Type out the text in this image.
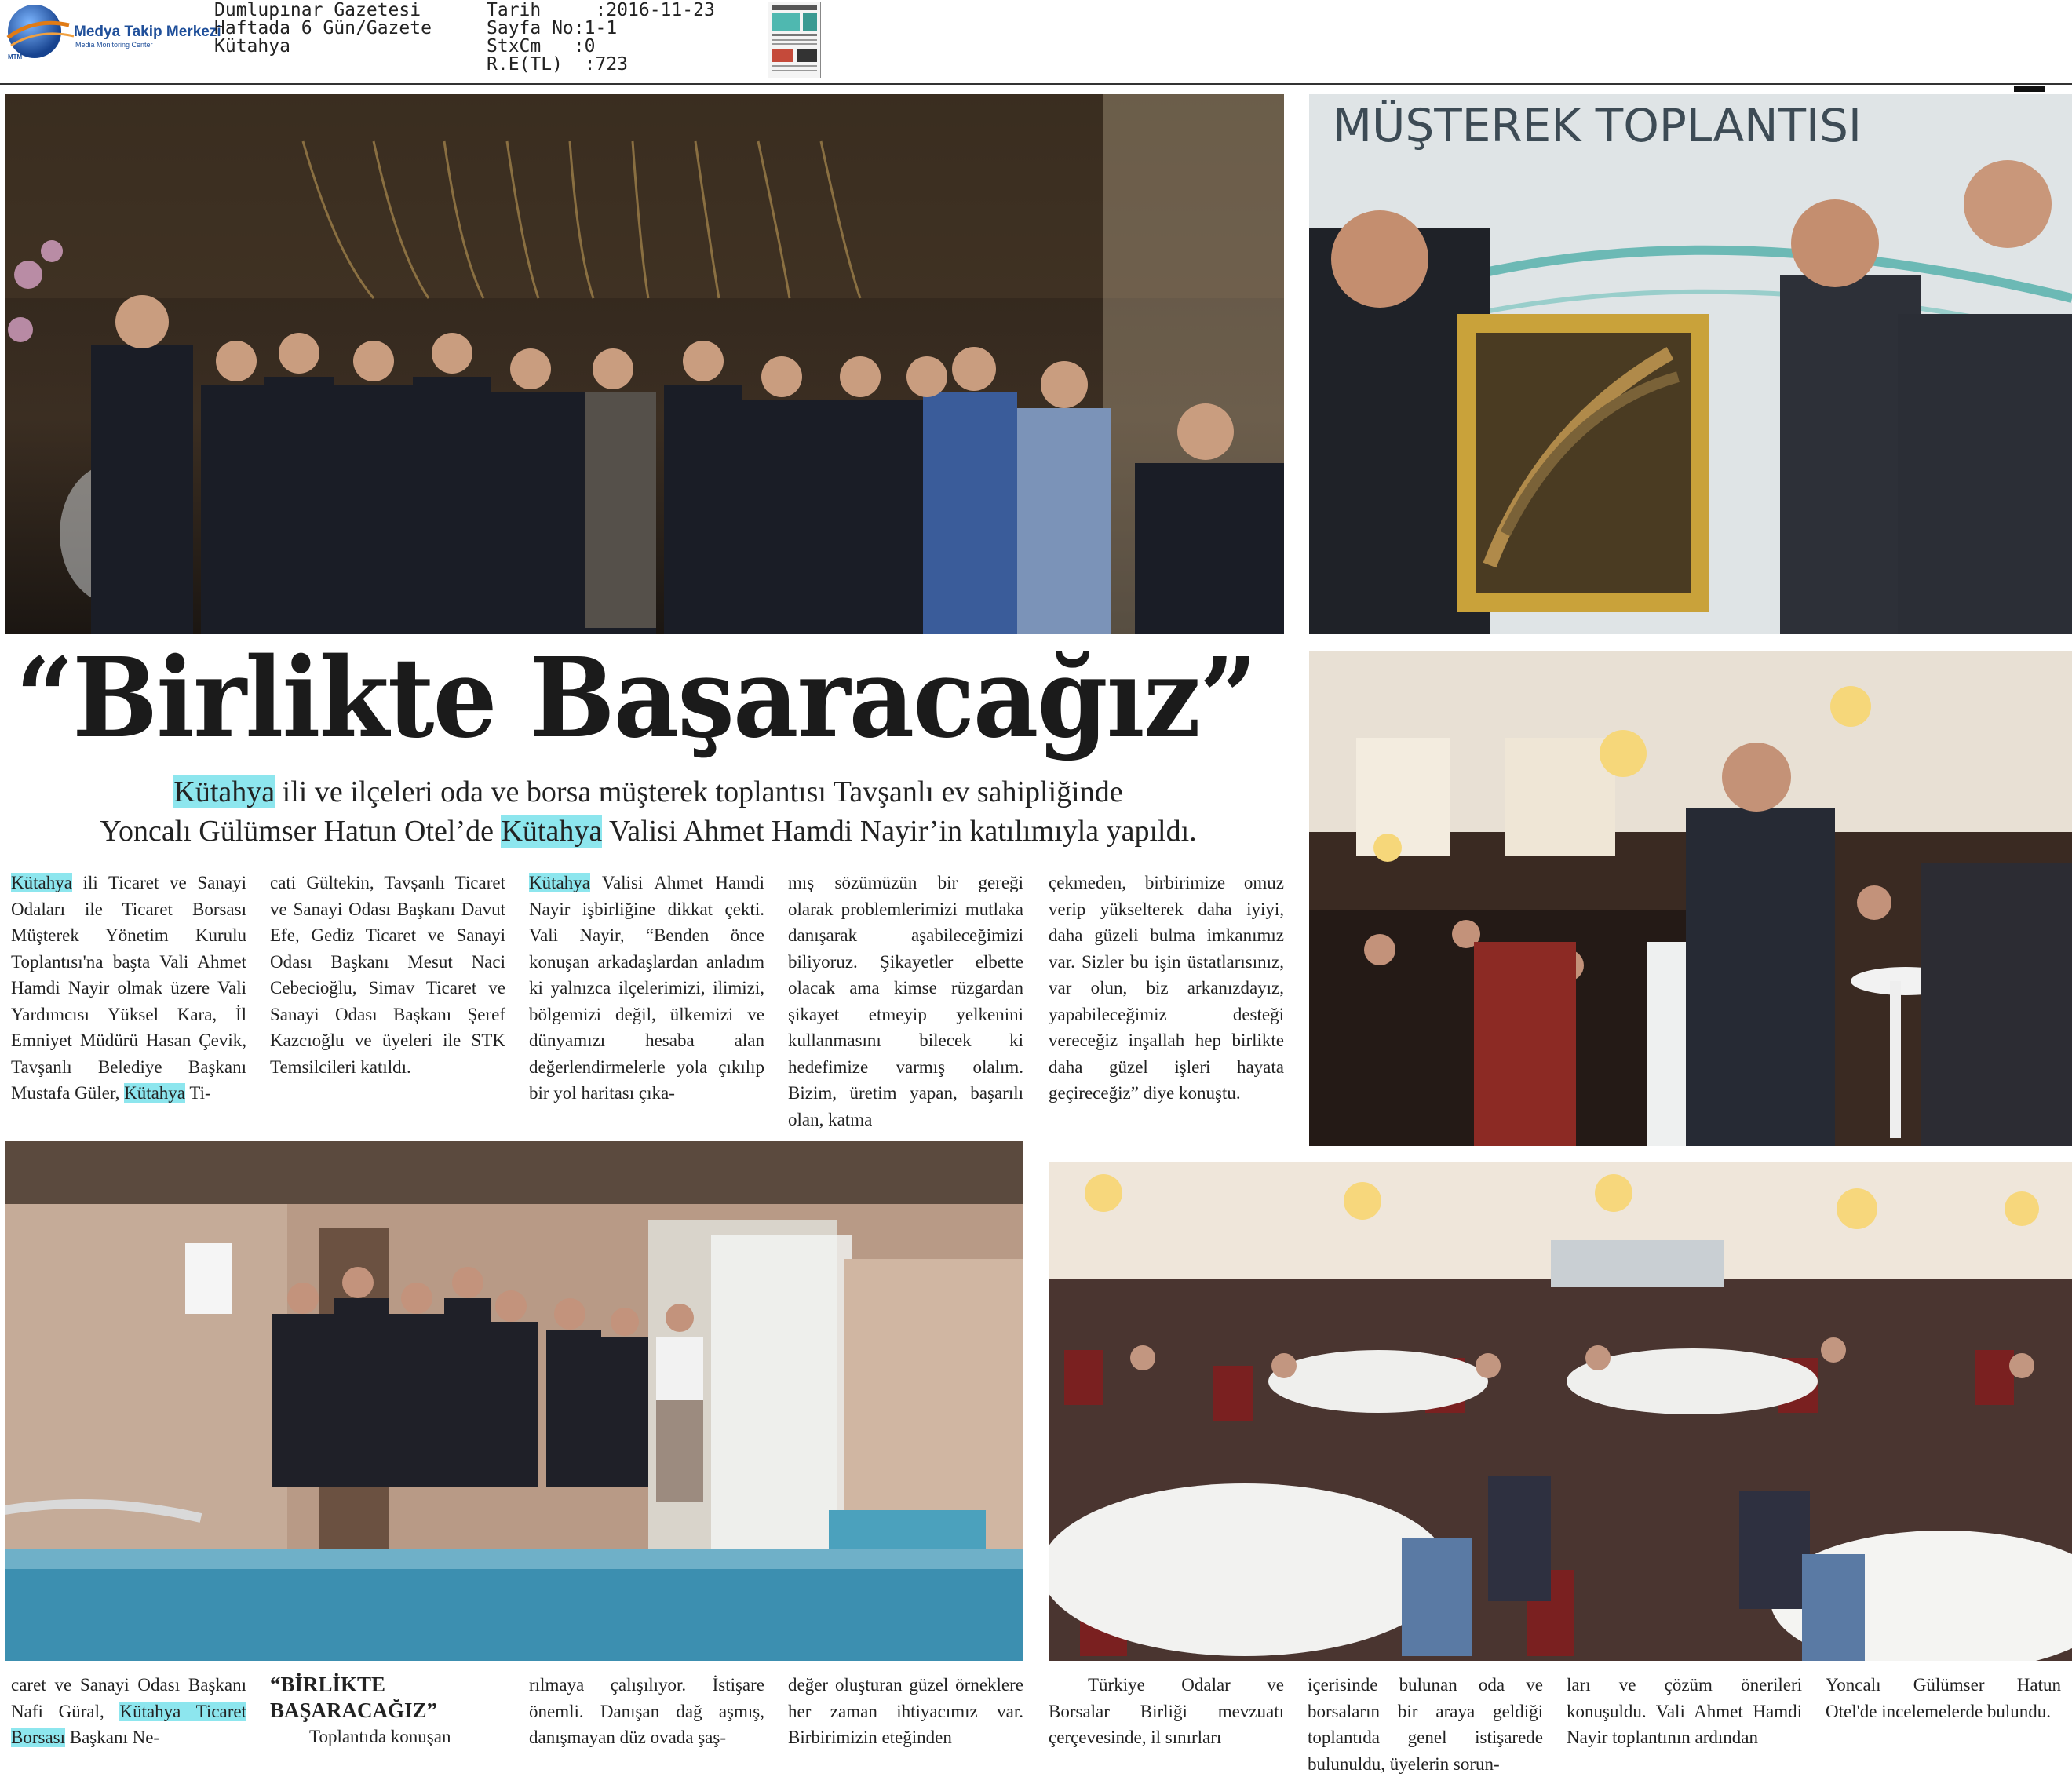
Medya Takip Merkezi
Media Monitoring Center
MTM
Dumlupınar Gazetesi
Haftada 6 Gün/Gazete
Kütahya
Tarih     :2016-11-23
Sayfa No:1-1
StxCm   :0
R.E(TL)  :723
MÜŞTEREK TOPLANTISI
“Birlikte Başaracağız”
Kütahya ili ve ilçeleri oda ve borsa müşterek toplantısı Tavşanlı ev sahipliğinde
Yoncalı Gülümser Hatun Otel’de Kütahya Valisi Ahmet Hamdi Nayir’in katılımıyla yapıldı.

Kütahya ili Ticaret ve Sanayi Odaları ile Ticaret Borsası Müşterek Yönetim Kurulu Toplantısı'na başta Vali Ahmet Hamdi Nayir olmak üzere Vali Yardımcısı Yüksel Kara, İl Emniyet Müdürü Hasan Çevik, Tavşanlı Belediye Başkanı Mustafa Güler, Kütahya Ti-

cati Gültekin, Tavşanlı Ticaret ve Sanayi Odası Başkanı Davut Efe, Gediz Ticaret ve Sanayi Odası Başkanı Mesut Naci Cebecioğlu, Simav Ticaret ve Sanayi Odası Başkanı Şeref Kazcıoğlu ve üyeleri ile STK Temsilcileri katıldı.

Kütahya Valisi Ahmet Hamdi Nayir işbirliğine dikkat çekti. Vali Nayir, “Benden önce konuşan arkadaşlardan anladım ki yalnızca ilçelerimizi, ilimizi, bölgemizi değil, ülkemizi ve dünyamızı hesaba alan değerlendirmelerle yola çıkılıp bir yol haritası çıka-

mış sözümüzün bir gereği olarak problemlerimizi mutlaka danışarak aşabileceğimizi biliyoruz. Şikayetler elbette olacak ama kimse rüzgardan şikayet etmeyip yelkenini kullanmasını bilecek ki hedefimize varmış olalım. Bizim, üretim yapan, başarılı olan, katma

çekmeden, birbirimize omuz verip yükselterek daha iyiyi, daha güzeli bulma imkanımız var. Sizler bu işin üstatlarısınız, var olun, biz arkanızdayız, yapabileceğimiz desteği vereceğiz inşallah hep birlikte daha güzel işleri hayata geçireceğiz” diye konuştu.

caret ve Sanayi Odası Başkanı Nafi Güral, Kütahya Ticaret Borsası Başkanı Ne-

“BİRLİKTE BAŞARACAĞIZ”

Toplantıda konuşan

rılmaya çalışılıyor. İstişare önemli. Danışan dağ aşmış, danışmayan düz ovada şaş-

değer oluşturan güzel örneklere her zaman ihtiyacımız var. Birbirimizin eteğinden

Türkiye Odalar ve Borsalar Birliği mevzuatı çerçevesinde, il sınırları

içerisinde bulunan oda ve borsaların bir araya geldiği toplantıda genel istişarede bulunuldu, üyelerin sorun-

ları ve çözüm önerileri konuşuldu. Vali Ahmet Hamdi Nayir toplantının ardından

Yoncalı Gülümser Hatun Otel'de incelemelerde bulundu.
